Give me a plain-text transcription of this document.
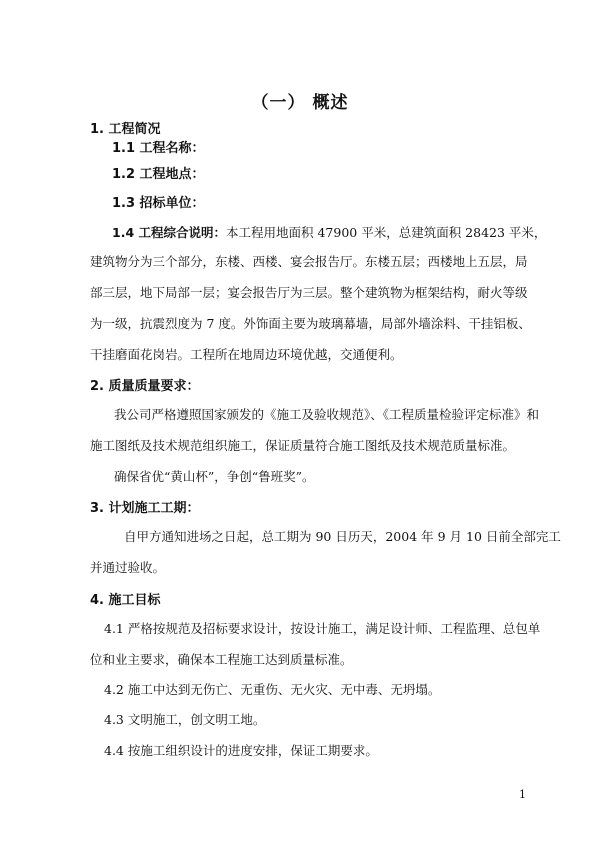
（一） 概述
1. 工程简况
1.1 工程名称：
1.2 工程地点：
1.3 招标单位：
1.4 工程综合说明：本工程用地面积 47900 平米，总建筑面积 28423 平米，
建筑物分为三个部分，东楼、西楼、宴会报告厅。东楼五层；西楼地上五层，局
部三层，地下局部一层；宴会报告厅为三层。整个建筑物为框架结构，耐火等级
为一级，抗震烈度为 7 度。外饰面主要为玻璃幕墙，局部外墙涂料、干挂铝板、
干挂磨面花岗岩。工程所在地周边环境优越，交通便利。
2. 质量质量要求：
我公司严格遵照国家颁发的《施工及验收规范》、《工程质量检验评定标准》和
施工图纸及技术规范组织施工，保证质量符合施工图纸及技术规范质量标准。
确保省优“黄山杯”，争创“鲁班奖”。
3. 计划施工工期：
自甲方通知进场之日起，总工期为 90 日历天，2004 年 9 月 10 日前全部完工
并通过验收。
4. 施工目标
4.1 严格按规范及招标要求设计，按设计施工，满足设计师、工程监理、总包单
位和业主要求，确保本工程施工达到质量标准。
4.2 施工中达到无伤亡、无重伤、无火灾、无中毒、无坍塌。
4.3 文明施工，创文明工地。
4.4 按施工组织设计的进度安排，保证工期要求。
1
